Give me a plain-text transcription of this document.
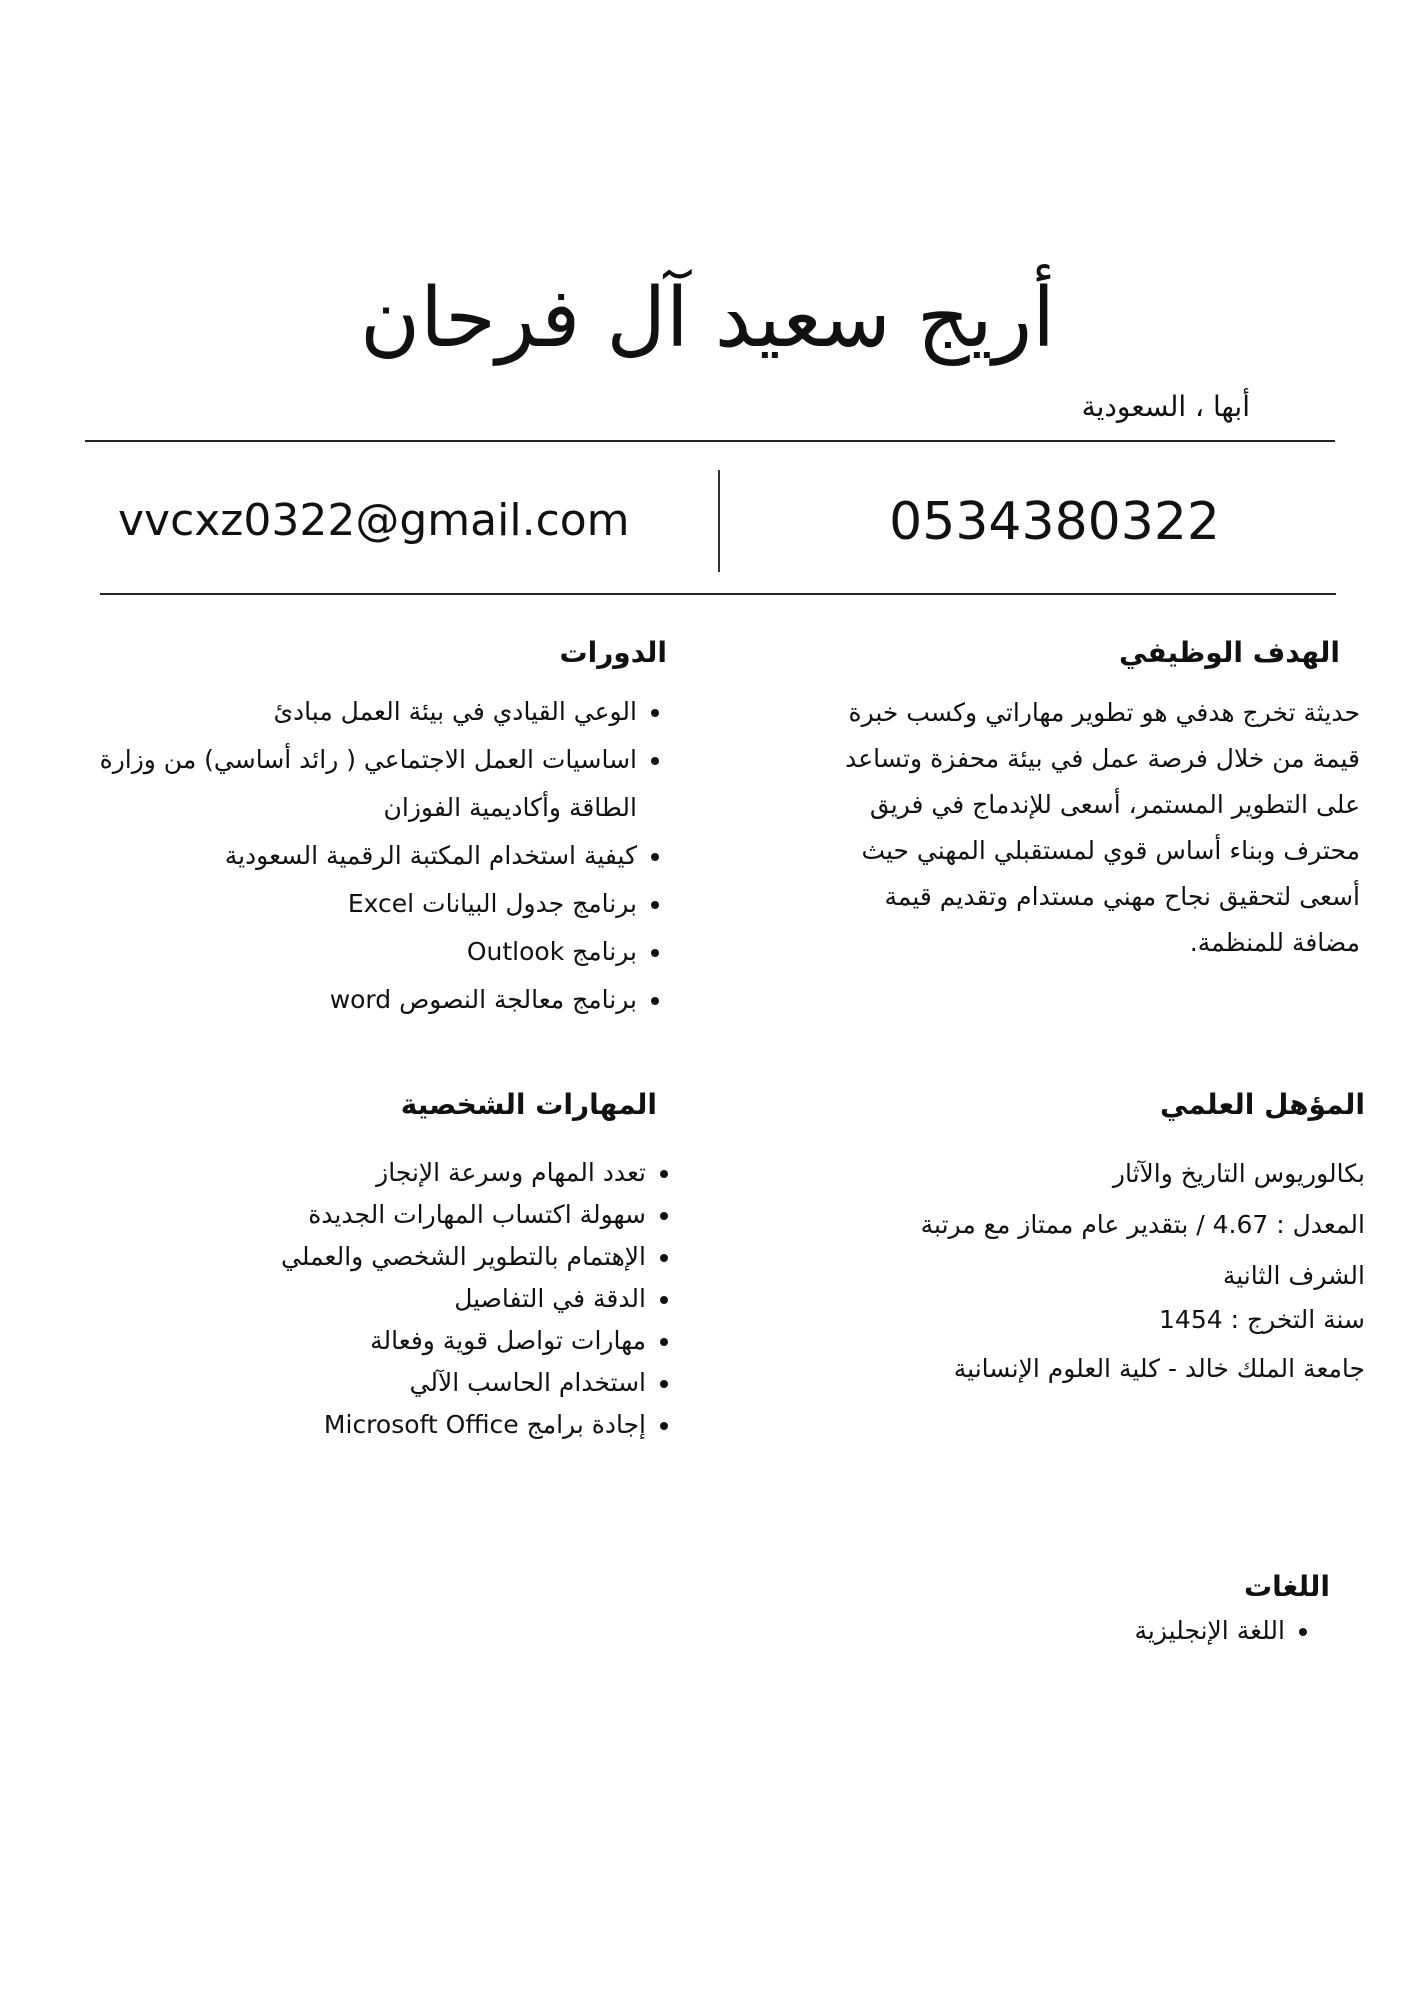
أريج سعيد آل فرحان
أبها ، السعودية
vvcxz0322@gmail.com	0534380322
الهدف الوظيفي
حديثة تخرج هدفي هو تطوير مهاراتي وكسب خبرة
قيمة من خلال فرصة عمل في بيئة محفزة وتساعد
على التطوير المستمر، أسعى للإندماج في فريق
محترف وبناء أساس قوي لمستقبلي المهني حيث
أسعى لتحقيق نجاح مهني مستدام وتقديم قيمة
مضافة للمنظمة.
الدورات
• الوعي القيادي في بيئة العمل مبادئ
• اساسيات العمل الاجتماعي ( رائد أساسي) من وزارة الطاقة وأكاديمية الفوزان
• كيفية استخدام المكتبة الرقمية السعودية
• برنامج جدول البيانات Excel
• برنامج Outlook
• برنامج معالجة النصوص word
المؤهل العلمي
بكالوريوس التاريخ والآثار
المعدل : 4.67 / بتقدير عام ممتاز مع مرتبة
الشرف الثانية
سنة التخرج : 1454
جامعة الملك خالد - كلية العلوم الإنسانية
المهارات الشخصية
• تعدد المهام وسرعة الإنجاز
• سهولة اكتساب المهارات الجديدة
• الإهتمام بالتطوير الشخصي والعملي
• الدقة في التفاصيل
• مهارات تواصل قوية وفعالة
• استخدام الحاسب الآلي
• إجادة برامج Microsoft Office
اللغات
• اللغة الإنجليزية
